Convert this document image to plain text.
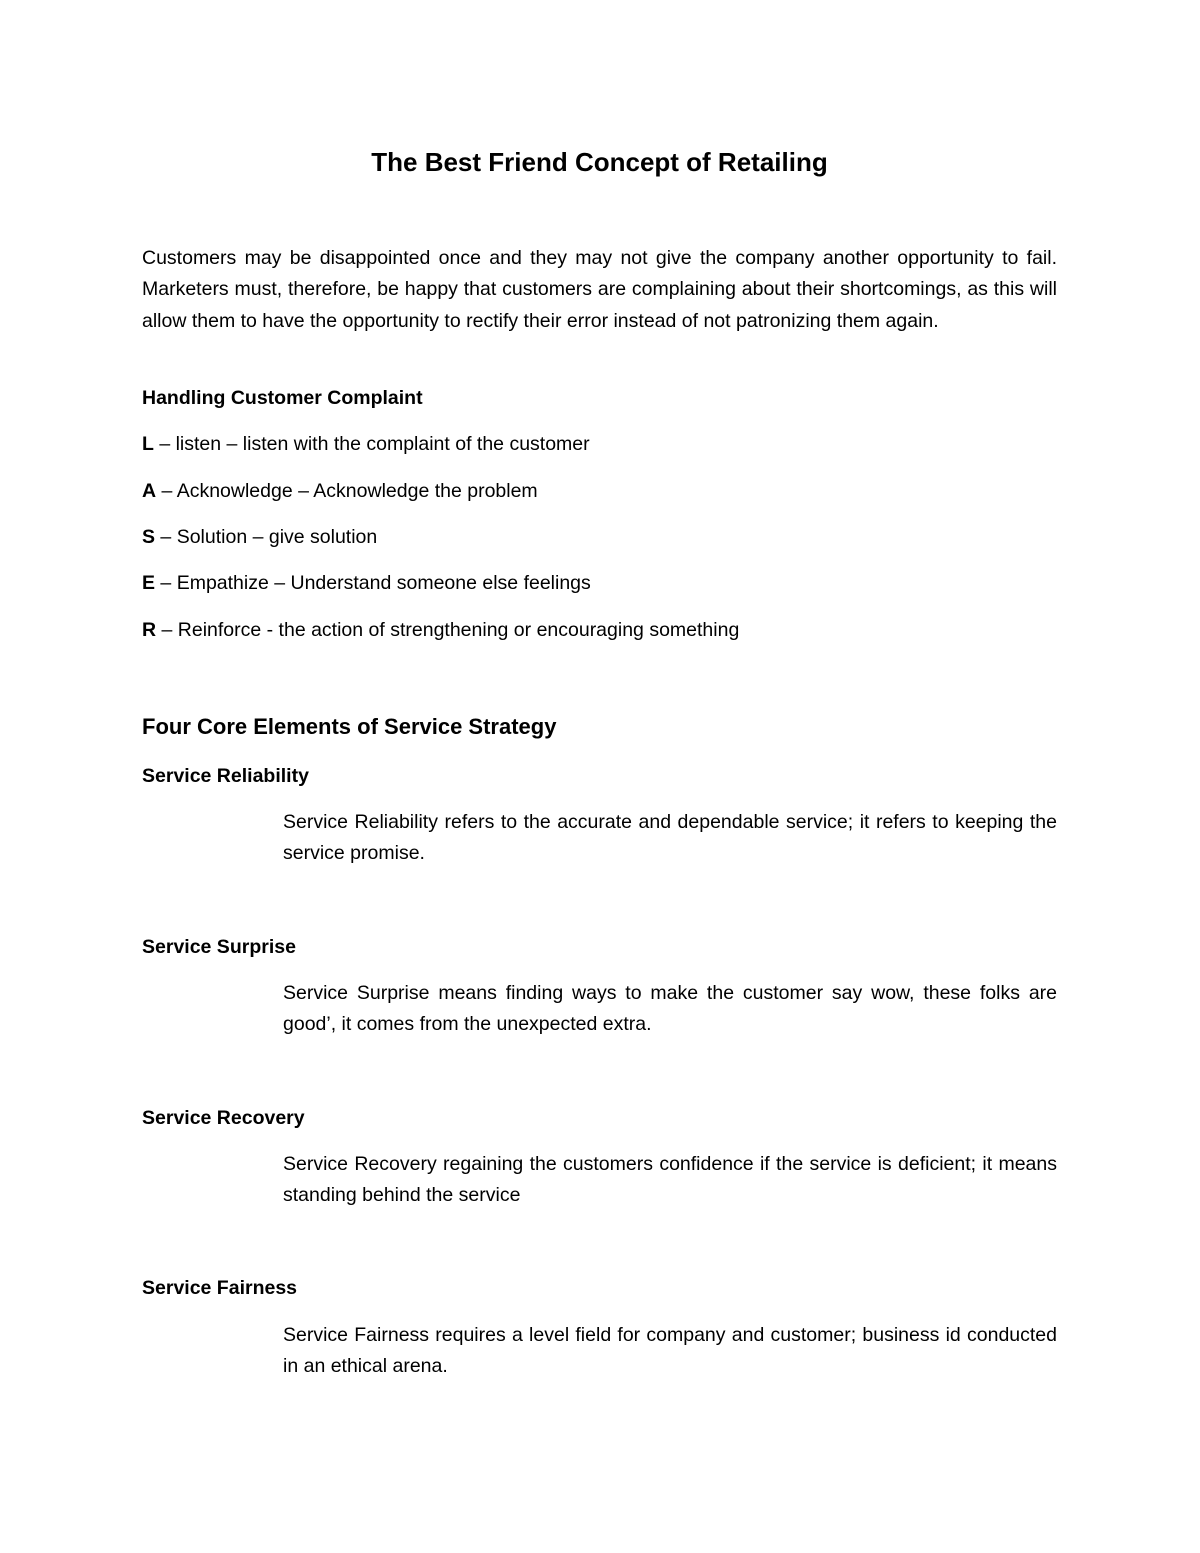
The Best Friend Concept of Retailing

Customers may be disappointed once and they may not give the company another opportunity to fail. Marketers must, therefore, be happy that customers are complaining about their shortcomings, as this will allow them to have the opportunity to rectify their error instead of not patronizing them again.

Handling Customer Complaint

L – listen – listen with the complaint of the customer

A – Acknowledge – Acknowledge the problem

S – Solution – give solution

E – Empathize – Understand someone else feelings

R – Reinforce - the action of strengthening or encouraging something

Four Core Elements of Service Strategy

Service Reliability

Service Reliability refers to the accurate and dependable service; it refers to keeping the service promise.

Service Surprise

Service Surprise means finding ways to make the customer say wow, these folks are good’, it comes from the unexpected extra.

Service Recovery

Service Recovery regaining the customers confidence if the service is deficient; it means standing behind the service

Service Fairness

Service Fairness requires a level field for company and customer; business id conducted in an ethical arena.
